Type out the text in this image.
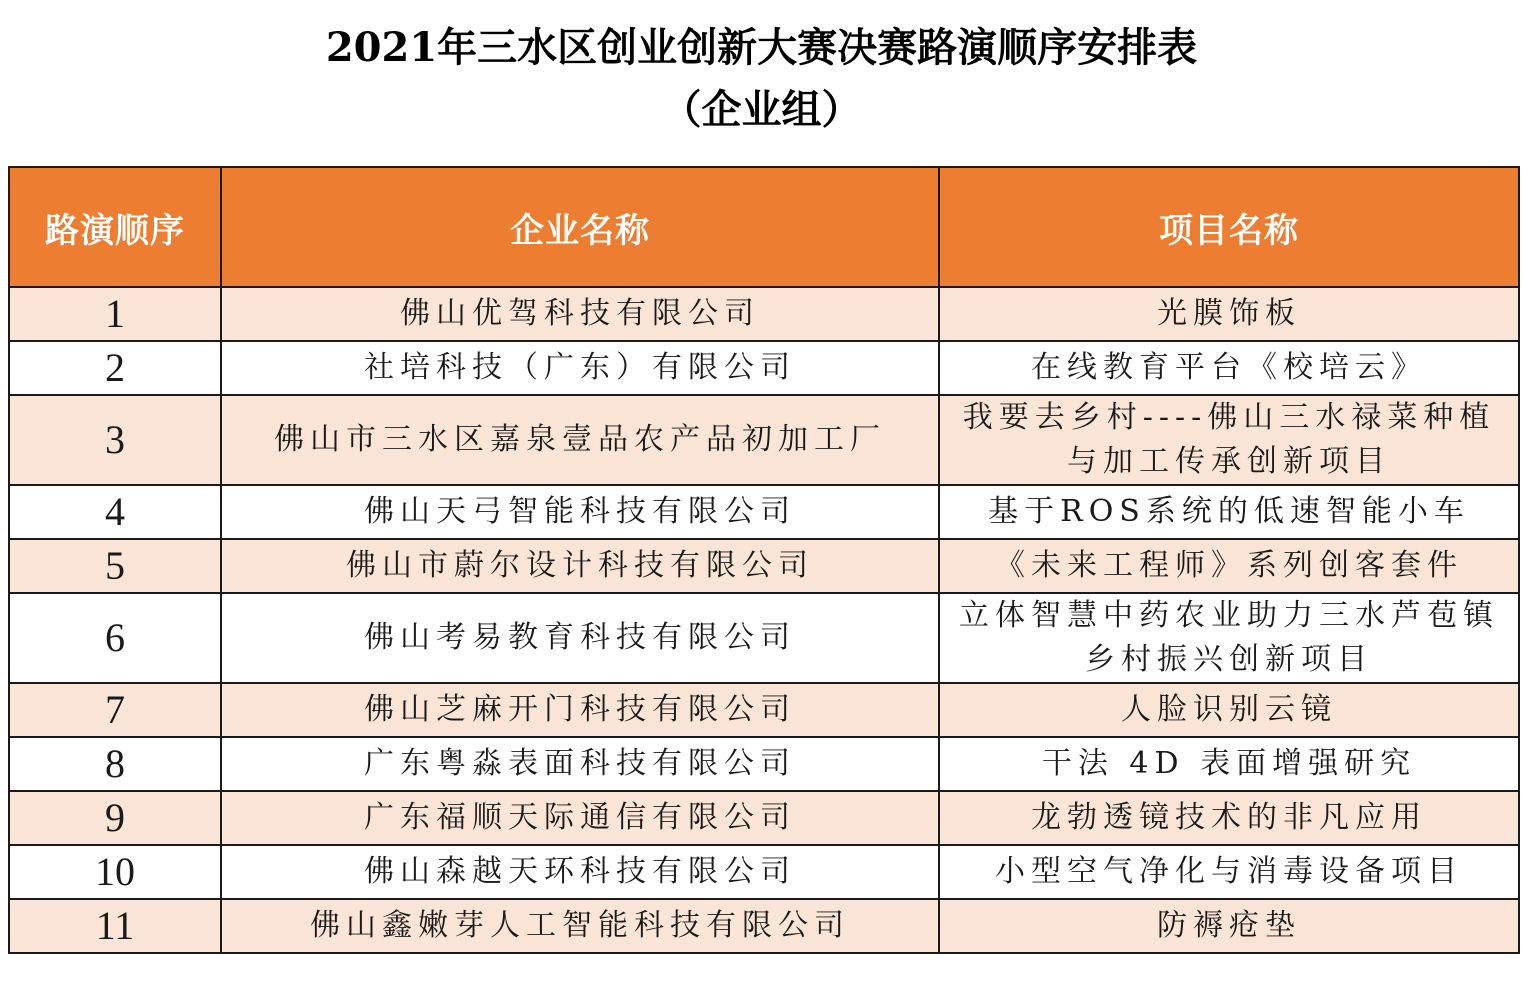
2021年三水区创业创新大赛决赛路演顺序安排表
（企业组）
路演顺序	企业名称	项目名称
1	佛山优驾科技有限公司	光膜饰板
2	社培科技（广东）有限公司	在线教育平台《校培云》
3	佛山市三水区嘉泉壹品农产品初加工厂	我要去乡村----佛山三水禄菜种植与加工传承创新项目
4	佛山天弓智能科技有限公司	基于ROS系统的低速智能小车
5	佛山市蔚尔设计科技有限公司	《未来工程师》系列创客套件
6	佛山考易教育科技有限公司	立体智慧中药农业助力三水芦苞镇乡村振兴创新项目
7	佛山芝麻开门科技有限公司	人脸识别云镜
8	广东粤淼表面科技有限公司	干法 4D 表面增强研究
9	广东福顺天际通信有限公司	龙勃透镜技术的非凡应用
10	佛山森越天环科技有限公司	小型空气净化与消毒设备项目
11	佛山鑫嫩芽人工智能科技有限公司	防褥疮垫
